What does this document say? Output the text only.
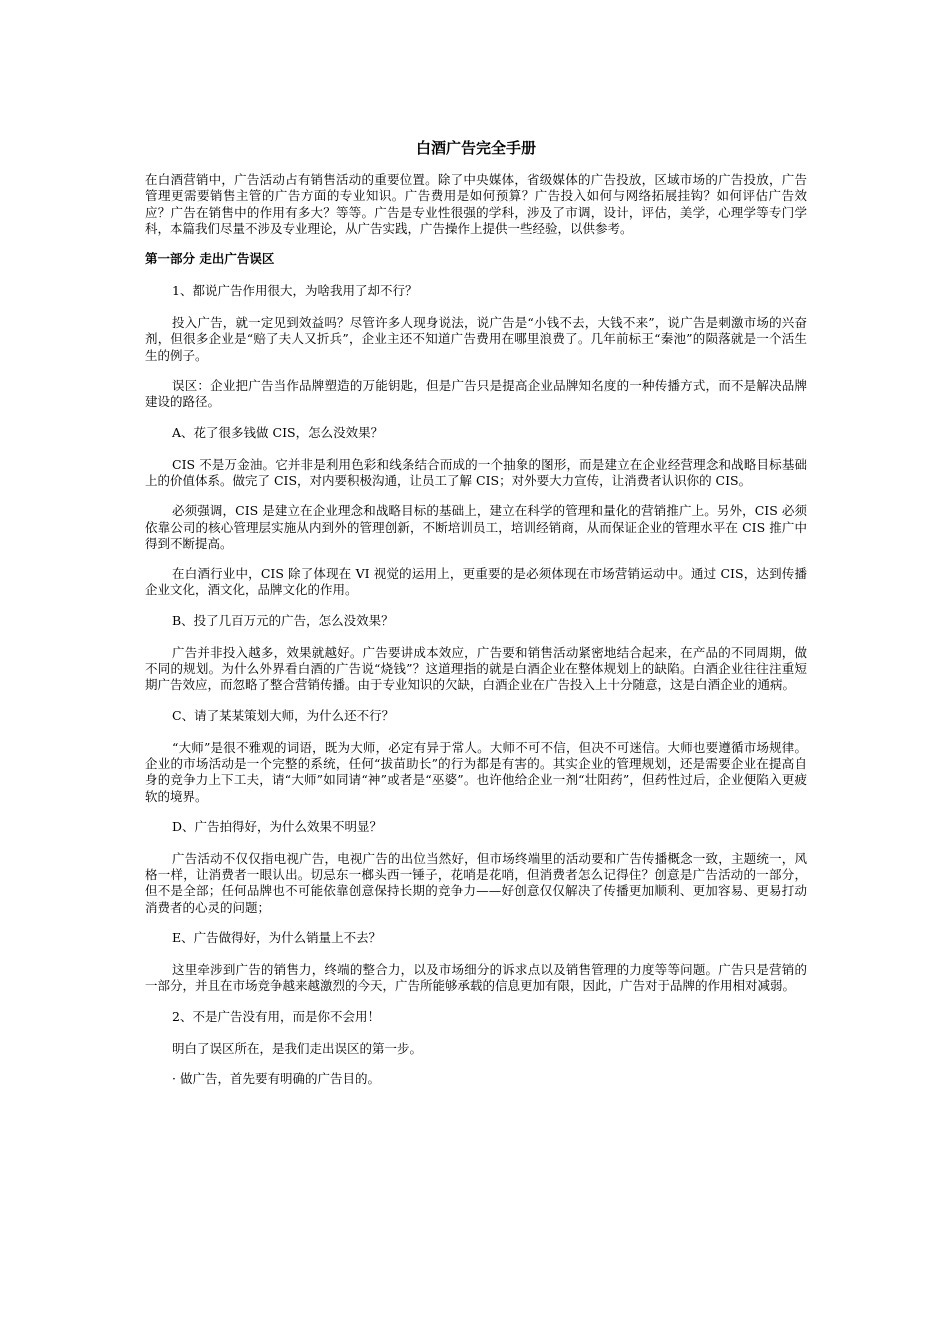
白酒广告完全手册

在白酒营销中，广告活动占有销售活动的重要位置。除了中央媒体，省级媒体的广告投放，区域市场的广告投放，广告管理更需要销售主管的广告方面的专业知识。广告费用是如何预算？广告投入如何与网络拓展挂钩？如何评估广告效应？广告在销售中的作用有多大？等等。广告是专业性很强的学科，涉及了市调，设计，评估，美学，心理学等专门学科，本篇我们尽量不涉及专业理论，从广告实践，广告操作上提供一些经验，以供参考。

第一部分 走出广告误区
1、都说广告作用很大，为啥我用了却不行？

投入广告，就一定见到效益吗？尽管许多人现身说法，说广告是“小钱不去，大钱不来”，说广告是刺激市场的兴奋剂，但很多企业是“赔了夫人又折兵”，企业主还不知道广告费用在哪里浪费了。几年前标王“秦池”的陨落就是一个活生生的例子。

误区：企业把广告当作品牌塑造的万能钥匙，但是广告只是提高企业品牌知名度的一种传播方式，而不是解决品牌建设的路径。

A、花了很多钱做 CIS，怎么没效果？

CIS 不是万金油。它并非是利用色彩和线条结合而成的一个抽象的图形，而是建立在企业经营理念和战略目标基础上的价值体系。做完了 CIS，对内要积极沟通，让员工了解 CIS；对外要大力宣传，让消费者认识你的 CIS。

必须强调，CIS 是建立在企业理念和战略目标的基础上，建立在科学的管理和量化的营销推广上。另外，CIS 必须依靠公司的核心管理层实施从内到外的管理创新，不断培训员工，培训经销商，从而保证企业的管理水平在 CIS 推广中得到不断提高。

在白酒行业中，CIS 除了体现在 VI 视觉的运用上，更重要的是必须体现在市场营销运动中。通过 CIS，达到传播企业文化，酒文化，品牌文化的作用。

B、投了几百万元的广告，怎么没效果？

广告并非投入越多，效果就越好。广告要讲成本效应，广告要和销售活动紧密地结合起来，在产品的不同周期，做不同的规划。为什么外界看白酒的广告说“烧钱”？这道理指的就是白酒企业在整体规划上的缺陷。白酒企业往往注重短期广告效应，而忽略了整合营销传播。由于专业知识的欠缺，白酒企业在广告投入上十分随意，这是白酒企业的通病。

C、请了某某策划大师，为什么还不行？

“大师”是很不雅观的词语，既为大师，必定有异于常人。大师不可不信，但决不可迷信。大师也要遵循市场规律。企业的市场活动是一个完整的系统，任何“拔苗助长”的行为都是有害的。其实企业的管理规划，还是需要企业在提高自身的竞争力上下工夫，请“大师”如同请“神”或者是“巫婆”。也许他给企业一剂“壮阳药”，但药性过后，企业便陷入更疲软的境界。

D、广告拍得好，为什么效果不明显？

广告活动不仅仅指电视广告，电视广告的出位当然好，但市场终端里的活动要和广告传播概念一致，主题统一，风格一样，让消费者一眼认出。切忌东一榔头西一锤子，花哨是花哨，但消费者怎么记得住？创意是广告活动的一部分，但不是全部；任何品牌也不可能依靠创意保持长期的竞争力——好创意仅仅解决了传播更加顺利、更加容易、更易打动消费者的心灵的问题；

E、广告做得好，为什么销量上不去？

这里牵涉到广告的销售力，终端的整合力，以及市场细分的诉求点以及销售管理的力度等等问题。广告只是营销的一部分，并且在市场竞争越来越激烈的今天，广告所能够承载的信息更加有限，因此，广告对于品牌的作用相对减弱。

2、不是广告没有用，而是你不会用！

明白了误区所在，是我们走出误区的第一步。

· 做广告，首先要有明确的广告目的。
